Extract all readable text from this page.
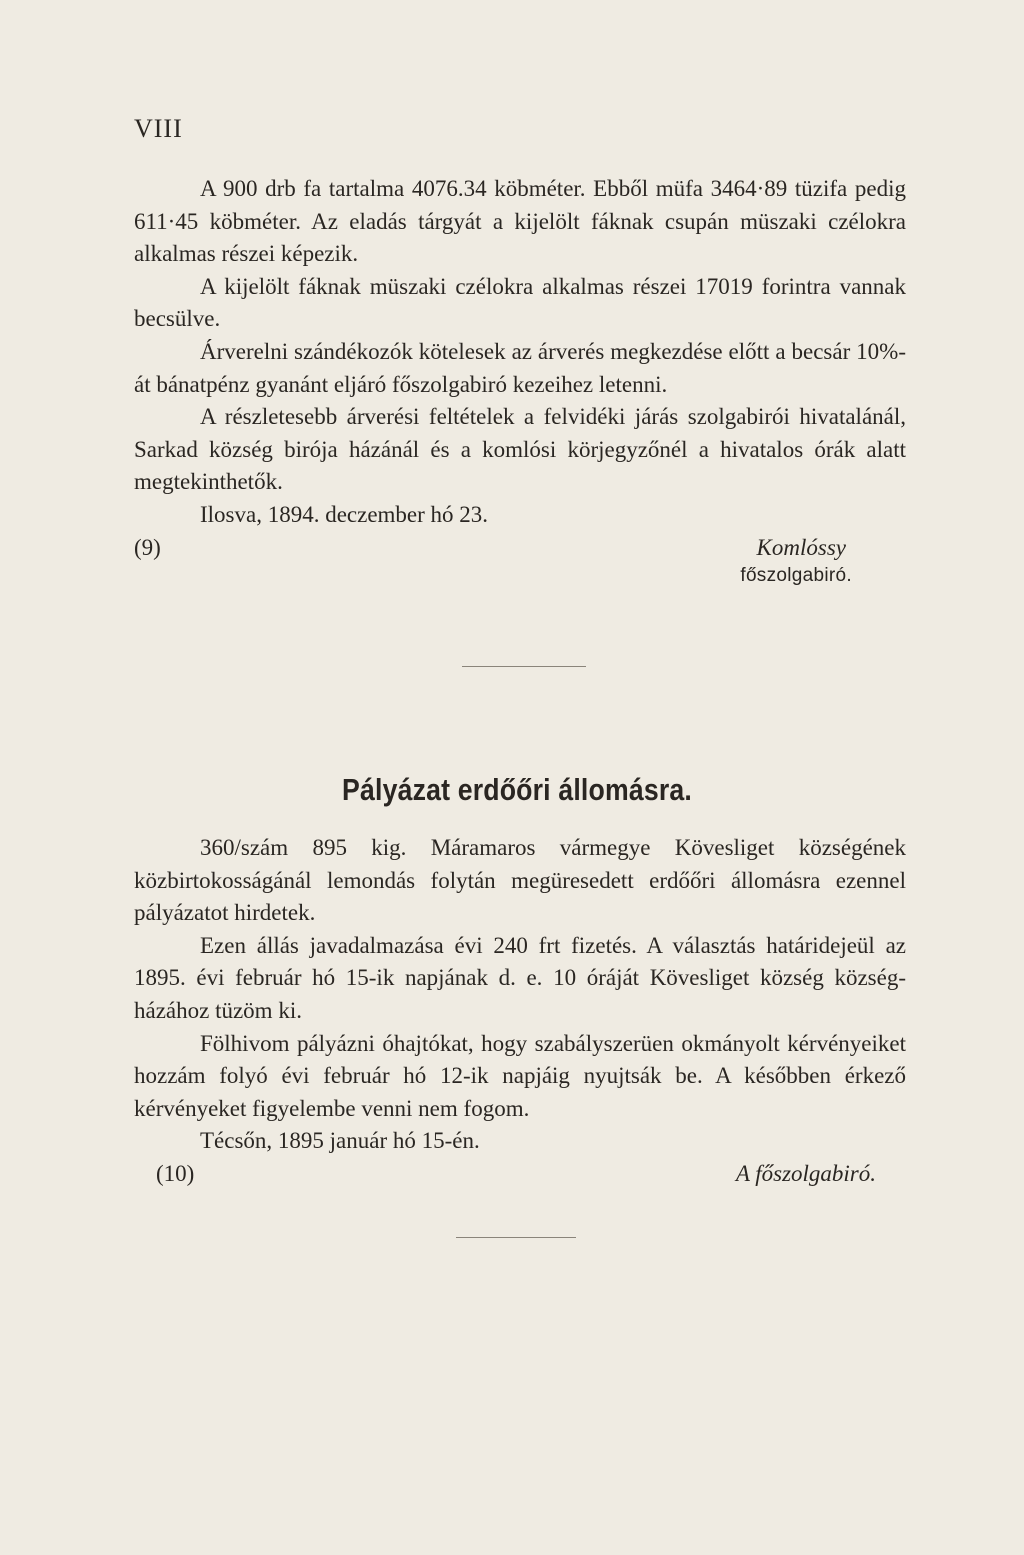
VIII

A 900 drb fa tartalma 4076.34 köbméter. Ebből müfa 3464·89 tüzifa pedig 611·45 köbméter. Az eladás tárgyát a kijelölt fáknak csupán müszaki czélokra alkalmas részei képezik.

A kijelölt fáknak müszaki czélokra alkalmas részei 17019 forintra vannak becsülve.

Árverelni szándékozók kötelesek az árverés megkezdése előtt a becsár 10%-át bánatpénz gyanánt eljáró főszolgabiró kezeihez letenni.

A részletesebb árverési feltételek a felvidéki járás szolgabirói hivatalánál, Sarkad község birója házánál és a komlósi körjegyzőnél a hivatalos órák alatt megtekinthetők.

Ilosva, 1894. deczember hó 23.

(9)	Komlóssy
főszolgabiró.
Pályázat erdőőri állomásra.

360/szám 895 kig. Máramaros vármegye Kövesliget községének közbirtokosságánál lemondás folytán megüresedett erdőőri állomásra ezennel pályázatot hirdetek.

Ezen állás javadalmazása évi 240 frt fizetés. A választás határidejeül az 1895. évi február hó 15-ik napjának d. e. 10 óráját Kövesliget község község-házához tüzöm ki.

Fölhivom pályázni óhajtókat, hogy szabályszerüen okmányolt kérvényeiket hozzám folyó évi február hó 12-ik napjáig nyujtsák be. A későbben érkező kérvényeket figyelembe venni nem fogom.

Técsőn, 1895 január hó 15-én.

(10)	A főszolgabiró.
